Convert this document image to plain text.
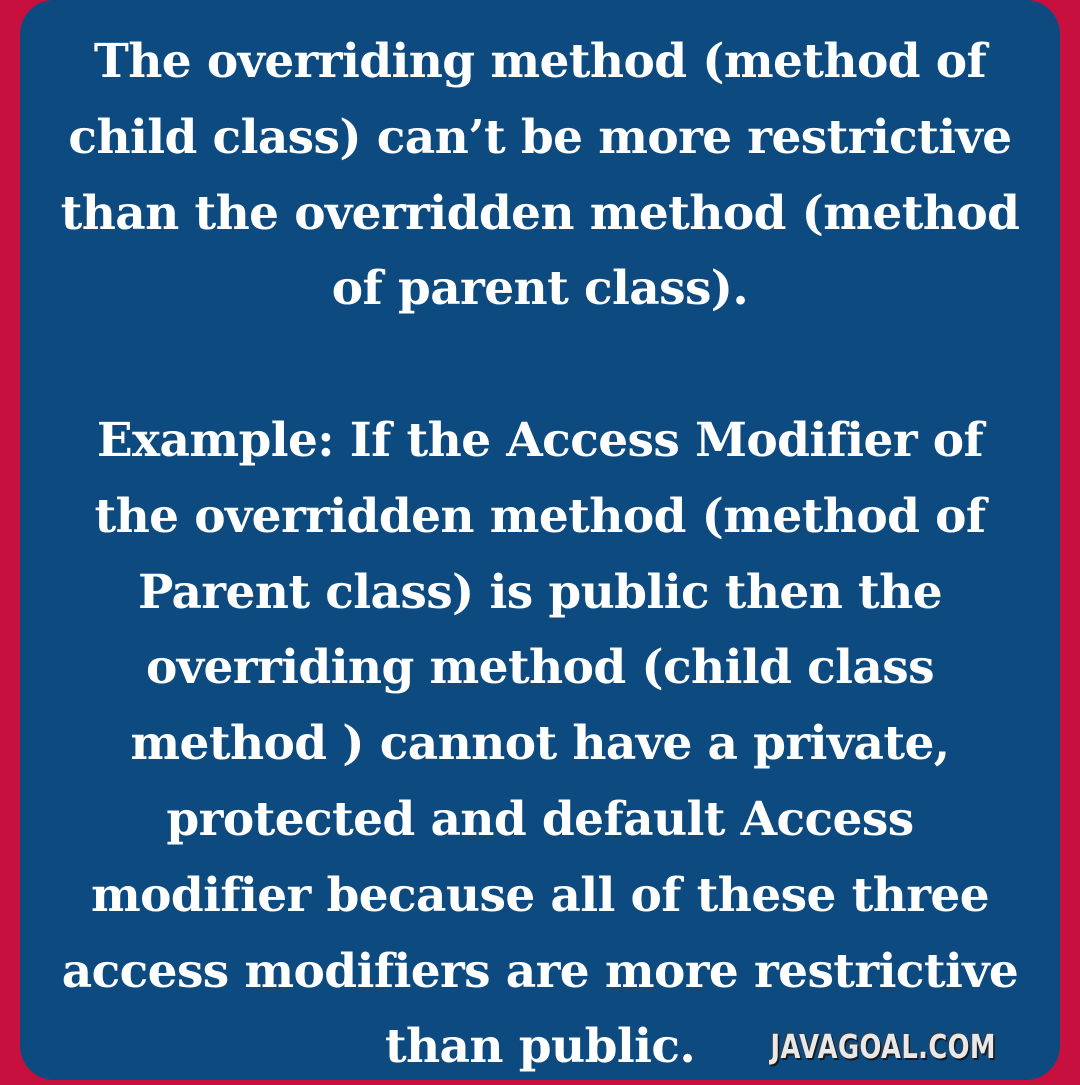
The overriding method (method of

child class) can’t be more restrictive

than the overridden method (method

of parent class).

Example: If the Access Modifier of

the overridden method (method of

Parent class) is public then the

overriding method (child class

method ) cannot have a private,

protected and default Access

modifier because all of these three

access modifiers are more restrictive

than public.	JAVAGOAL.COM
